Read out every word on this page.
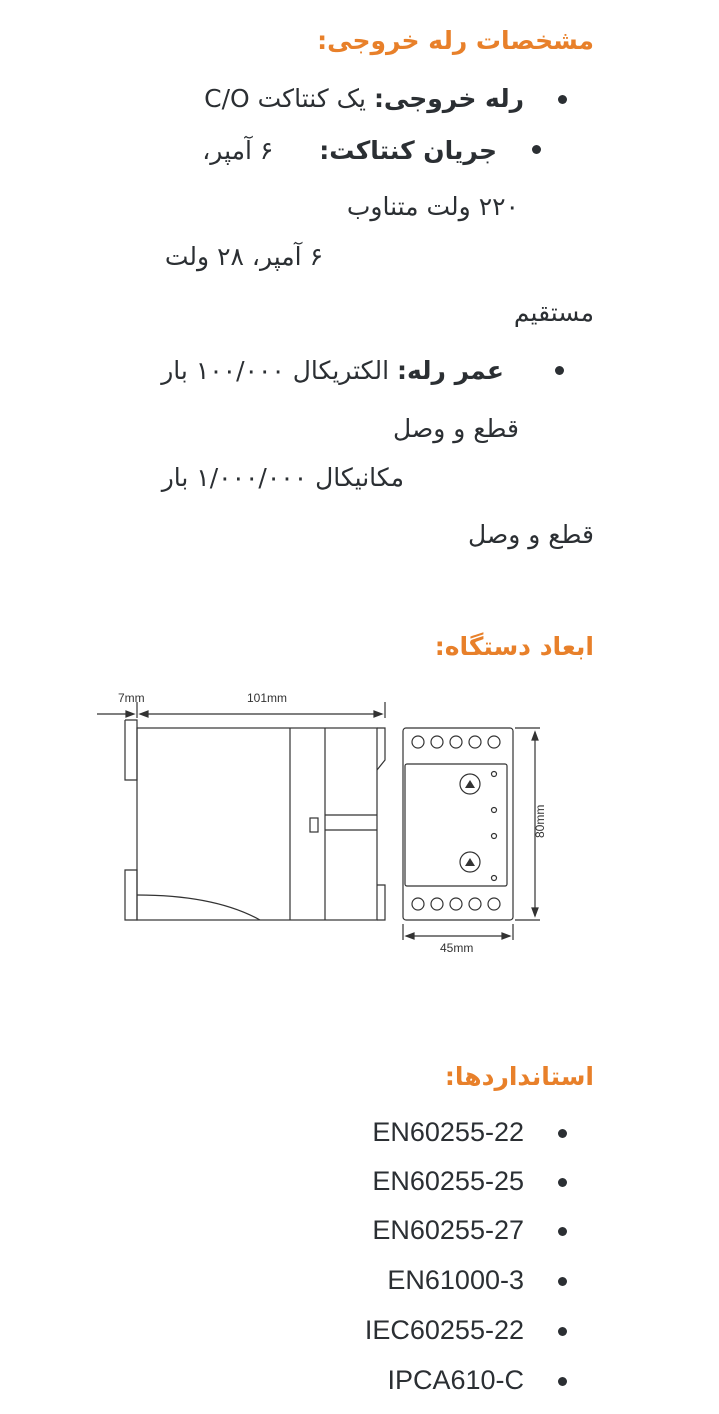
مشخصات رله خروجی:
رله خروجی: یک کنتاکت C/O
جریان کنتاکت:  ۶ آمپر،
۲۲۰ ولت متناوب
۶ آمپر، ۲۸ ولت
مستقیم
عمر رله: الکتریکال ۱۰۰/۰۰۰ بار
قطع و وصل
مکانیکال ۱/۰۰۰/۰۰۰ بار
قطع و وصل
ابعاد دستگاه:
7mm	101mm
45mm
80mm
استانداردها:
EN60255-22
EN60255-25
EN60255-27
EN61000-3
IEC60255-22
IPCA610-C
